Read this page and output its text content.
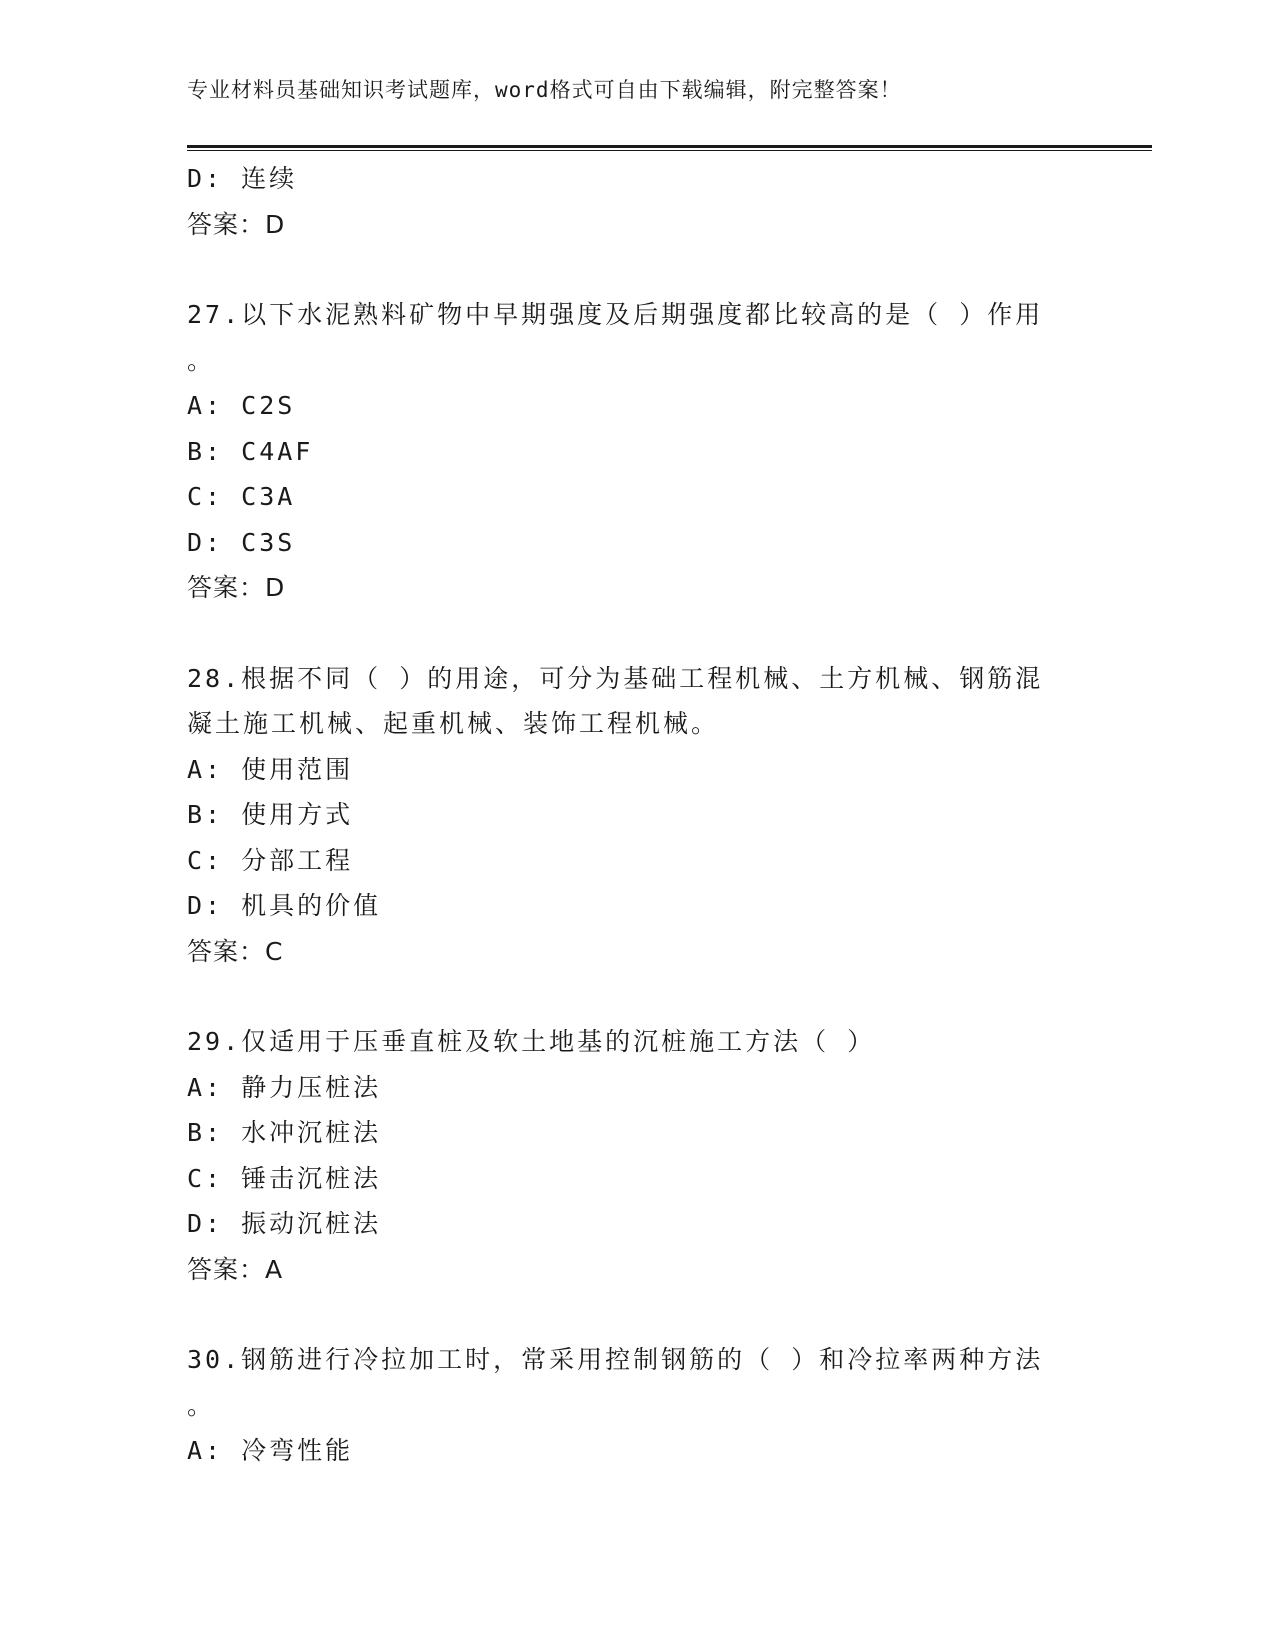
专业材料员基础知识考试题库，word格式可自由下载编辑，附完整答案！
D: 连续
答案：D
27.以下水泥熟料矿物中早期强度及后期强度都比较高的是（ ）作用
。
A: C2S
B: C4AF
C: C3A
D: C3S
答案：D
28.根据不同（ ）的用途，可分为基础工程机械、土方机械、钢筋混
凝土施工机械、起重机械、装饰工程机械。
A: 使用范围
B: 使用方式
C: 分部工程
D: 机具的价值
答案：C
29.仅适用于压垂直桩及软土地基的沉桩施工方法（ ）
A: 静力压桩法
B: 水冲沉桩法
C: 锤击沉桩法
D: 振动沉桩法
答案：A
30.钢筋进行冷拉加工时，常采用控制钢筋的（ ）和冷拉率两种方法
。
A: 冷弯性能
